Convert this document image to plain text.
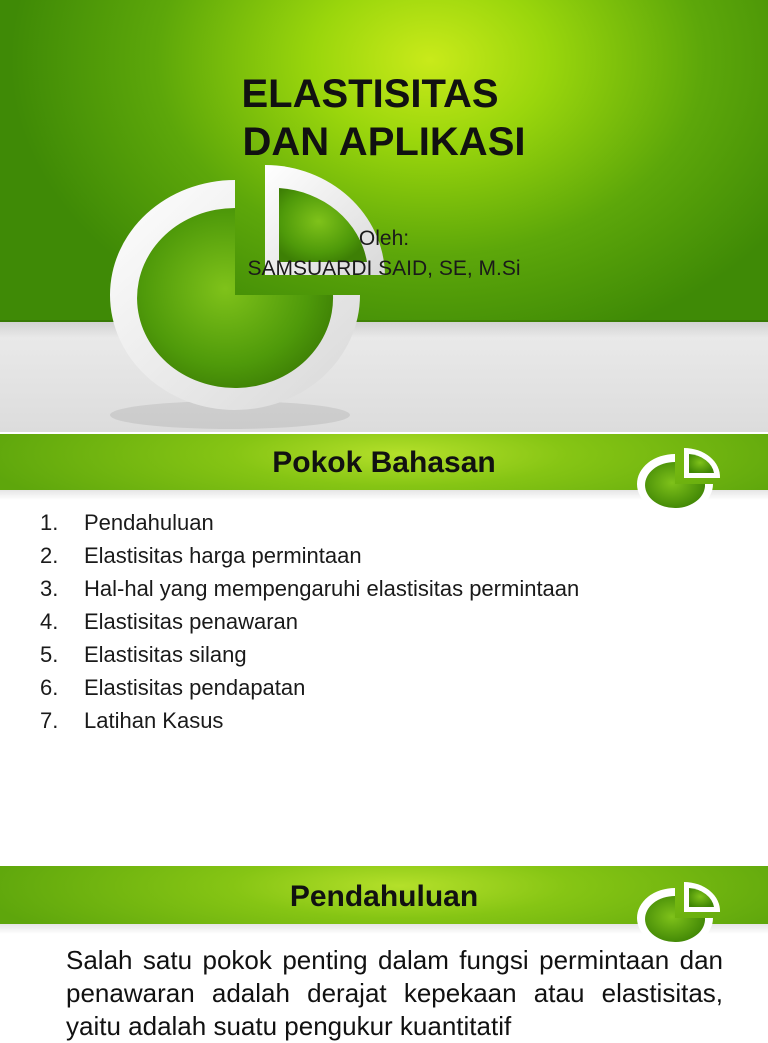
ELASTISITAS
DAN APLIKASI
Oleh:
SAMSUARDI SAID, SE, M.Si
Pokok Bahasan
1.	Pendahuluan
2.	Elastisitas harga permintaan
3.	Hal-hal yang mempengaruhi elastisitas permintaan
4.	Elastisitas penawaran
5.	Elastisitas silang
6.	Elastisitas pendapatan
7.	Latihan Kasus
Pendahuluan
Salah satu pokok penting dalam fungsi permintaan dan penawaran adalah derajat kepekaan atau elastisitas, yaitu adalah suatu pengukur kuantitatif
